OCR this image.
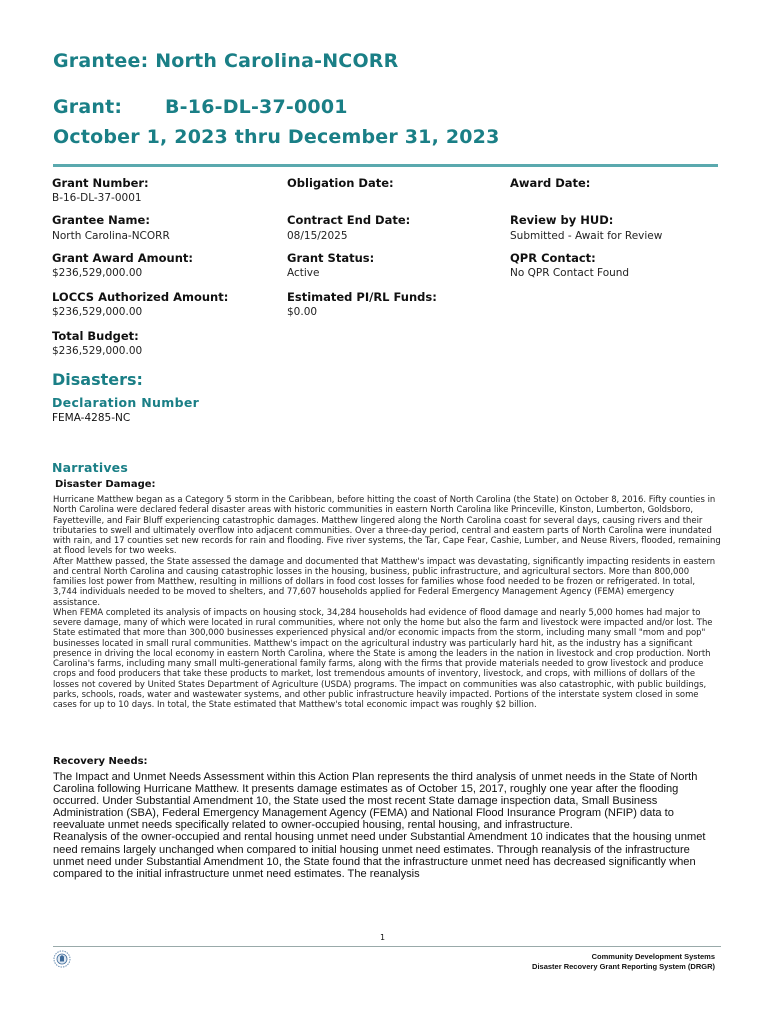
Grantee: North Carolina-NCORR
Grant: B-16-DL-37-0001
October 1, 2023 thru December 31, 2023
Grant Number:
B-16-DL-37-0001
Obligation Date:	Award Date:
Grantee Name:
North Carolina-NCORR
Contract End Date:
08/15/2025
Review by HUD:
Submitted - Await for Review
Grant Award Amount:
$236,529,000.00
Grant Status:
Active
QPR Contact:
No QPR Contact Found
LOCCS Authorized Amount:
$236,529,000.00
Estimated PI/RL Funds:
$0.00
Total Budget:
$236,529,000.00
Disasters:
Declaration Number
FEMA-4285-NC
Narratives
Disaster Damage:

Hurricane Matthew began as a Category 5 storm in the Caribbean, before hitting the coast of North Carolina (the State) on October 8, 2016. Fifty counties in North Carolina were declared federal disaster areas with historic communities in eastern North Carolina like Princeville, Kinston, Lumberton, Goldsboro, Fayetteville, and Fair Bluff experiencing catastrophic damages. Matthew lingered along the North Carolina coast for several days, causing rivers and their tributaries to swell and ultimately overflow into adjacent communities. Over a three-day period, central and eastern parts of North Carolina were inundated with rain, and 17 counties set new records for rain and flooding. Five river systems, the Tar, Cape Fear, Cashie, Lumber, and Neuse Rivers, flooded, remaining at flood levels for two weeks.

After Matthew passed, the State assessed the damage and documented that Matthew's impact was devastating, significantly impacting residents in eastern and central North Carolina and causing catastrophic losses in the housing, business, public infrastructure, and agricultural sectors. More than 800,000 families lost power from Matthew, resulting in millions of dollars in food cost losses for families whose food needed to be frozen or refrigerated. In total, 3,744 individuals needed to be moved to shelters, and 77,607 households applied for Federal Emergency Management Agency (FEMA) emergency assistance.

When FEMA completed its analysis of impacts on housing stock, 34,284 households had evidence of flood damage and nearly 5,000 homes had major to severe damage, many of which were located in rural communities, where not only the home but also the farm and livestock were impacted and/or lost. The State estimated that more than 300,000 businesses experienced physical and/or economic impacts from the storm, including many small "mom and pop" businesses located in small rural communities. Matthew's impact on the agricultural industry was particularly hard hit, as the industry has a significant presence in driving the local economy in eastern North Carolina, where the State is among the leaders in the nation in livestock and crop production. North Carolina's farms, including many small multi-generational family farms, along with the firms that provide materials needed to grow livestock and produce crops and food producers that take these products to market, lost tremendous amounts of inventory, livestock, and crops, with millions of dollars of the losses not covered by United States Department of Agriculture (USDA) programs. The impact on communities was also catastrophic, with public buildings, parks, schools, roads, water and wastewater systems, and other public infrastructure heavily impacted. Portions of the interstate system closed in some cases for up to 10 days. In total, the State estimated that Matthew's total economic impact was roughly $2 billion.

Recovery Needs:

The Impact and Unmet Needs Assessment within this Action Plan represents the third analysis of unmet needs in the State of North Carolina following Hurricane Matthew. It presents damage estimates as of October 15, 2017, roughly one year after the flooding occurred. Under Substantial Amendment 10, the State used the most recent State damage inspection data, Small Business Administration (SBA), Federal Emergency Management Agency (FEMA) and National Flood Insurance Program (NFIP) data to reevaluate unmet needs specifically related to owner-occupied housing, rental housing, and infrastructure.

Reanalysis of the owner-occupied and rental housing unmet need under Substantial Amendment 10 indicates that the housing unmet need remains largely unchanged when compared to initial housing unmet need estimates. Through reanalysis of the infrastructure unmet need under Substantial Amendment 10, the State found that the infrastructure unmet need has decreased significantly when compared to the initial infrastructure unmet need estimates. The reanalysis

1
Community Development Systems
Disaster Recovery Grant Reporting System (DRGR)
